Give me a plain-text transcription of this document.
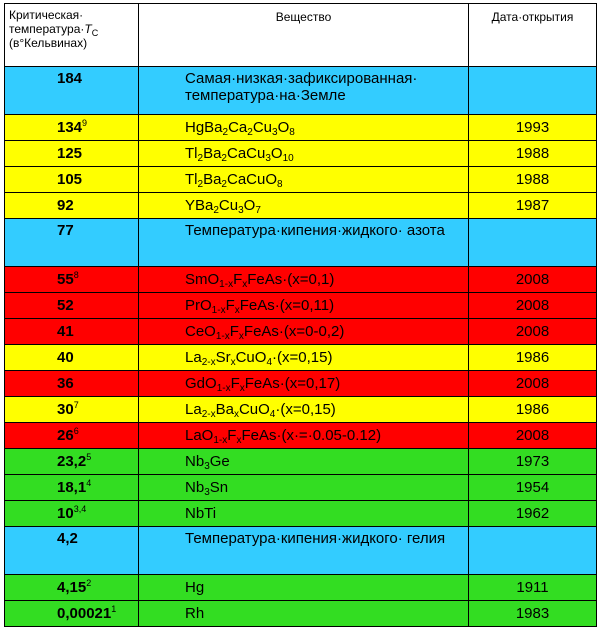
Критическая·
$температура\cdot T_C$
(в°Кельвинах)	Вещество	Дата·открытия
184	Самая·низкая·зафиксированная· температура·на·Земле	
$134^9$	$HgBa_2Ca_2Cu_3O_8$	1993
125	$Tl_2Ba_2CaCu_3O_{10}$	1988
105	$Tl_2Ba_2CaCuO_8$	1988
92	$YBa_2Cu_3O_7$	1987
77	Температура·кипения·жидкого· азота	
$55^8$	$SmO_{1-x}F_xFeAs\cdot(x=0,1)$	2008
52	$PrO_{1-x}F_xFeAs\cdot(x=0,11)$	2008
41	$CeO_{1-x}F_xFeAs\cdot(x=0-0,2)$	2008
40	$La_{2-x}Sr_xCuO_4\cdot(x=0,15)$	1986
36	$GdO_{1-x}F_xFeAs\cdot(x=0,17)$	2008
$30^7$	$La_{2-x}Ba_xCuO_4\cdot(x=0,15)$	1986
$26^6$	$LaO_{1-x}F_xFeAs\cdot(x\cdot=\cdot 0.05-0.12)$	2008
23,2$^5$	$Nb_3Ge$	1973
18,1$^4$	$Nb_3Sn$	1954
10$^{3,4}$	NbTi	1962
4,2	Температура·кипения·жидкого· гелия	
4,15$^2$	Hg	1911
0,00021$^1$	Rh	1983
